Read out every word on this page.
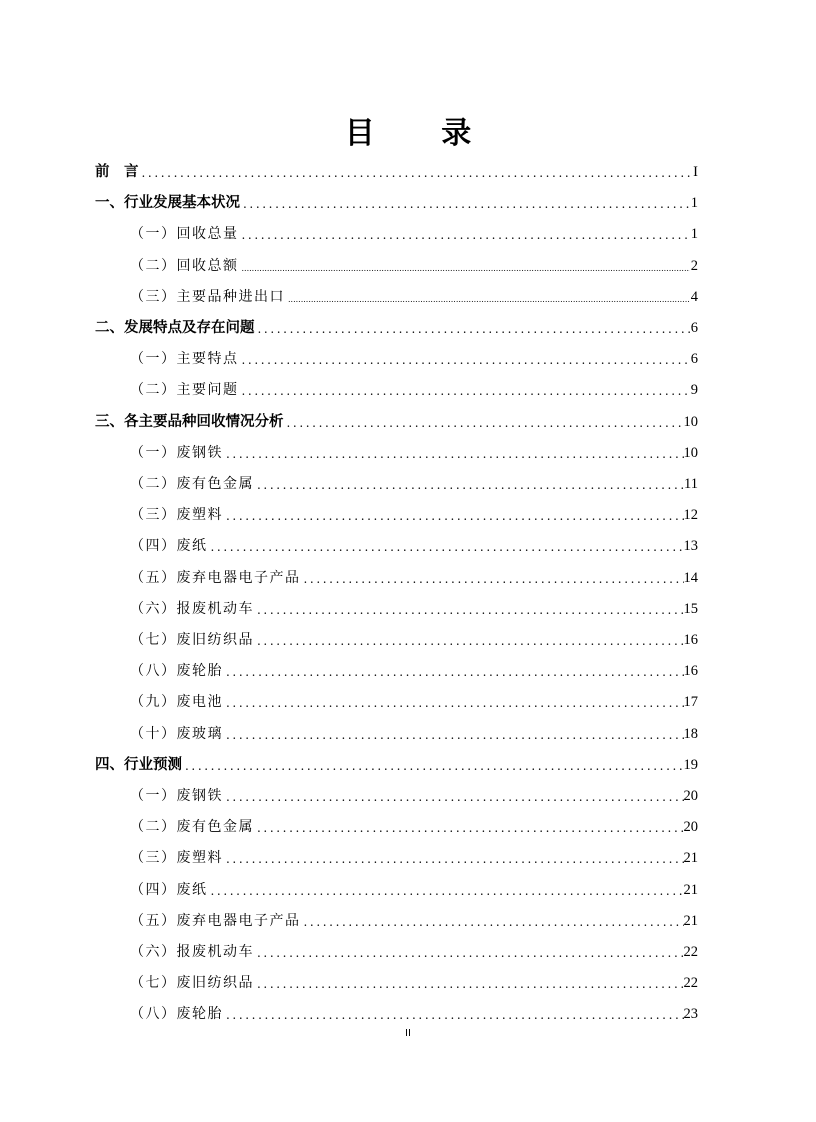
目 录
前　言 .....	I
一、行业发展基本状况 .....	1
（一）回收总量 .....	1
（二）回收总额 .....	2
（三）主要品种进出口 .....	4
二、发展特点及存在问题 .....	6
（一）主要特点 .....	6
（二）主要问题 .....	9
三、各主要品种回收情况分析 .....	10
（一）废钢铁 .....	10
（二）废有色金属 .....	11
（三）废塑料 .....	12
（四）废纸 .....	13
（五）废弃电器电子产品 .....	14
（六）报废机动车 .....	15
（七）废旧纺织品 .....	16
（八）废轮胎 .....	16
（九）废电池 .....	17
（十）废玻璃 .....	18
四、行业预测 .....	19
（一）废钢铁 .....	20
（二）废有色金属 .....	20
（三）废塑料 .....	21
（四）废纸 .....	21
（五）废弃电器电子产品 .....	21
（六）报废机动车 .....	22
（七）废旧纺织品 .....	22
（八）废轮胎 .....	23
II
